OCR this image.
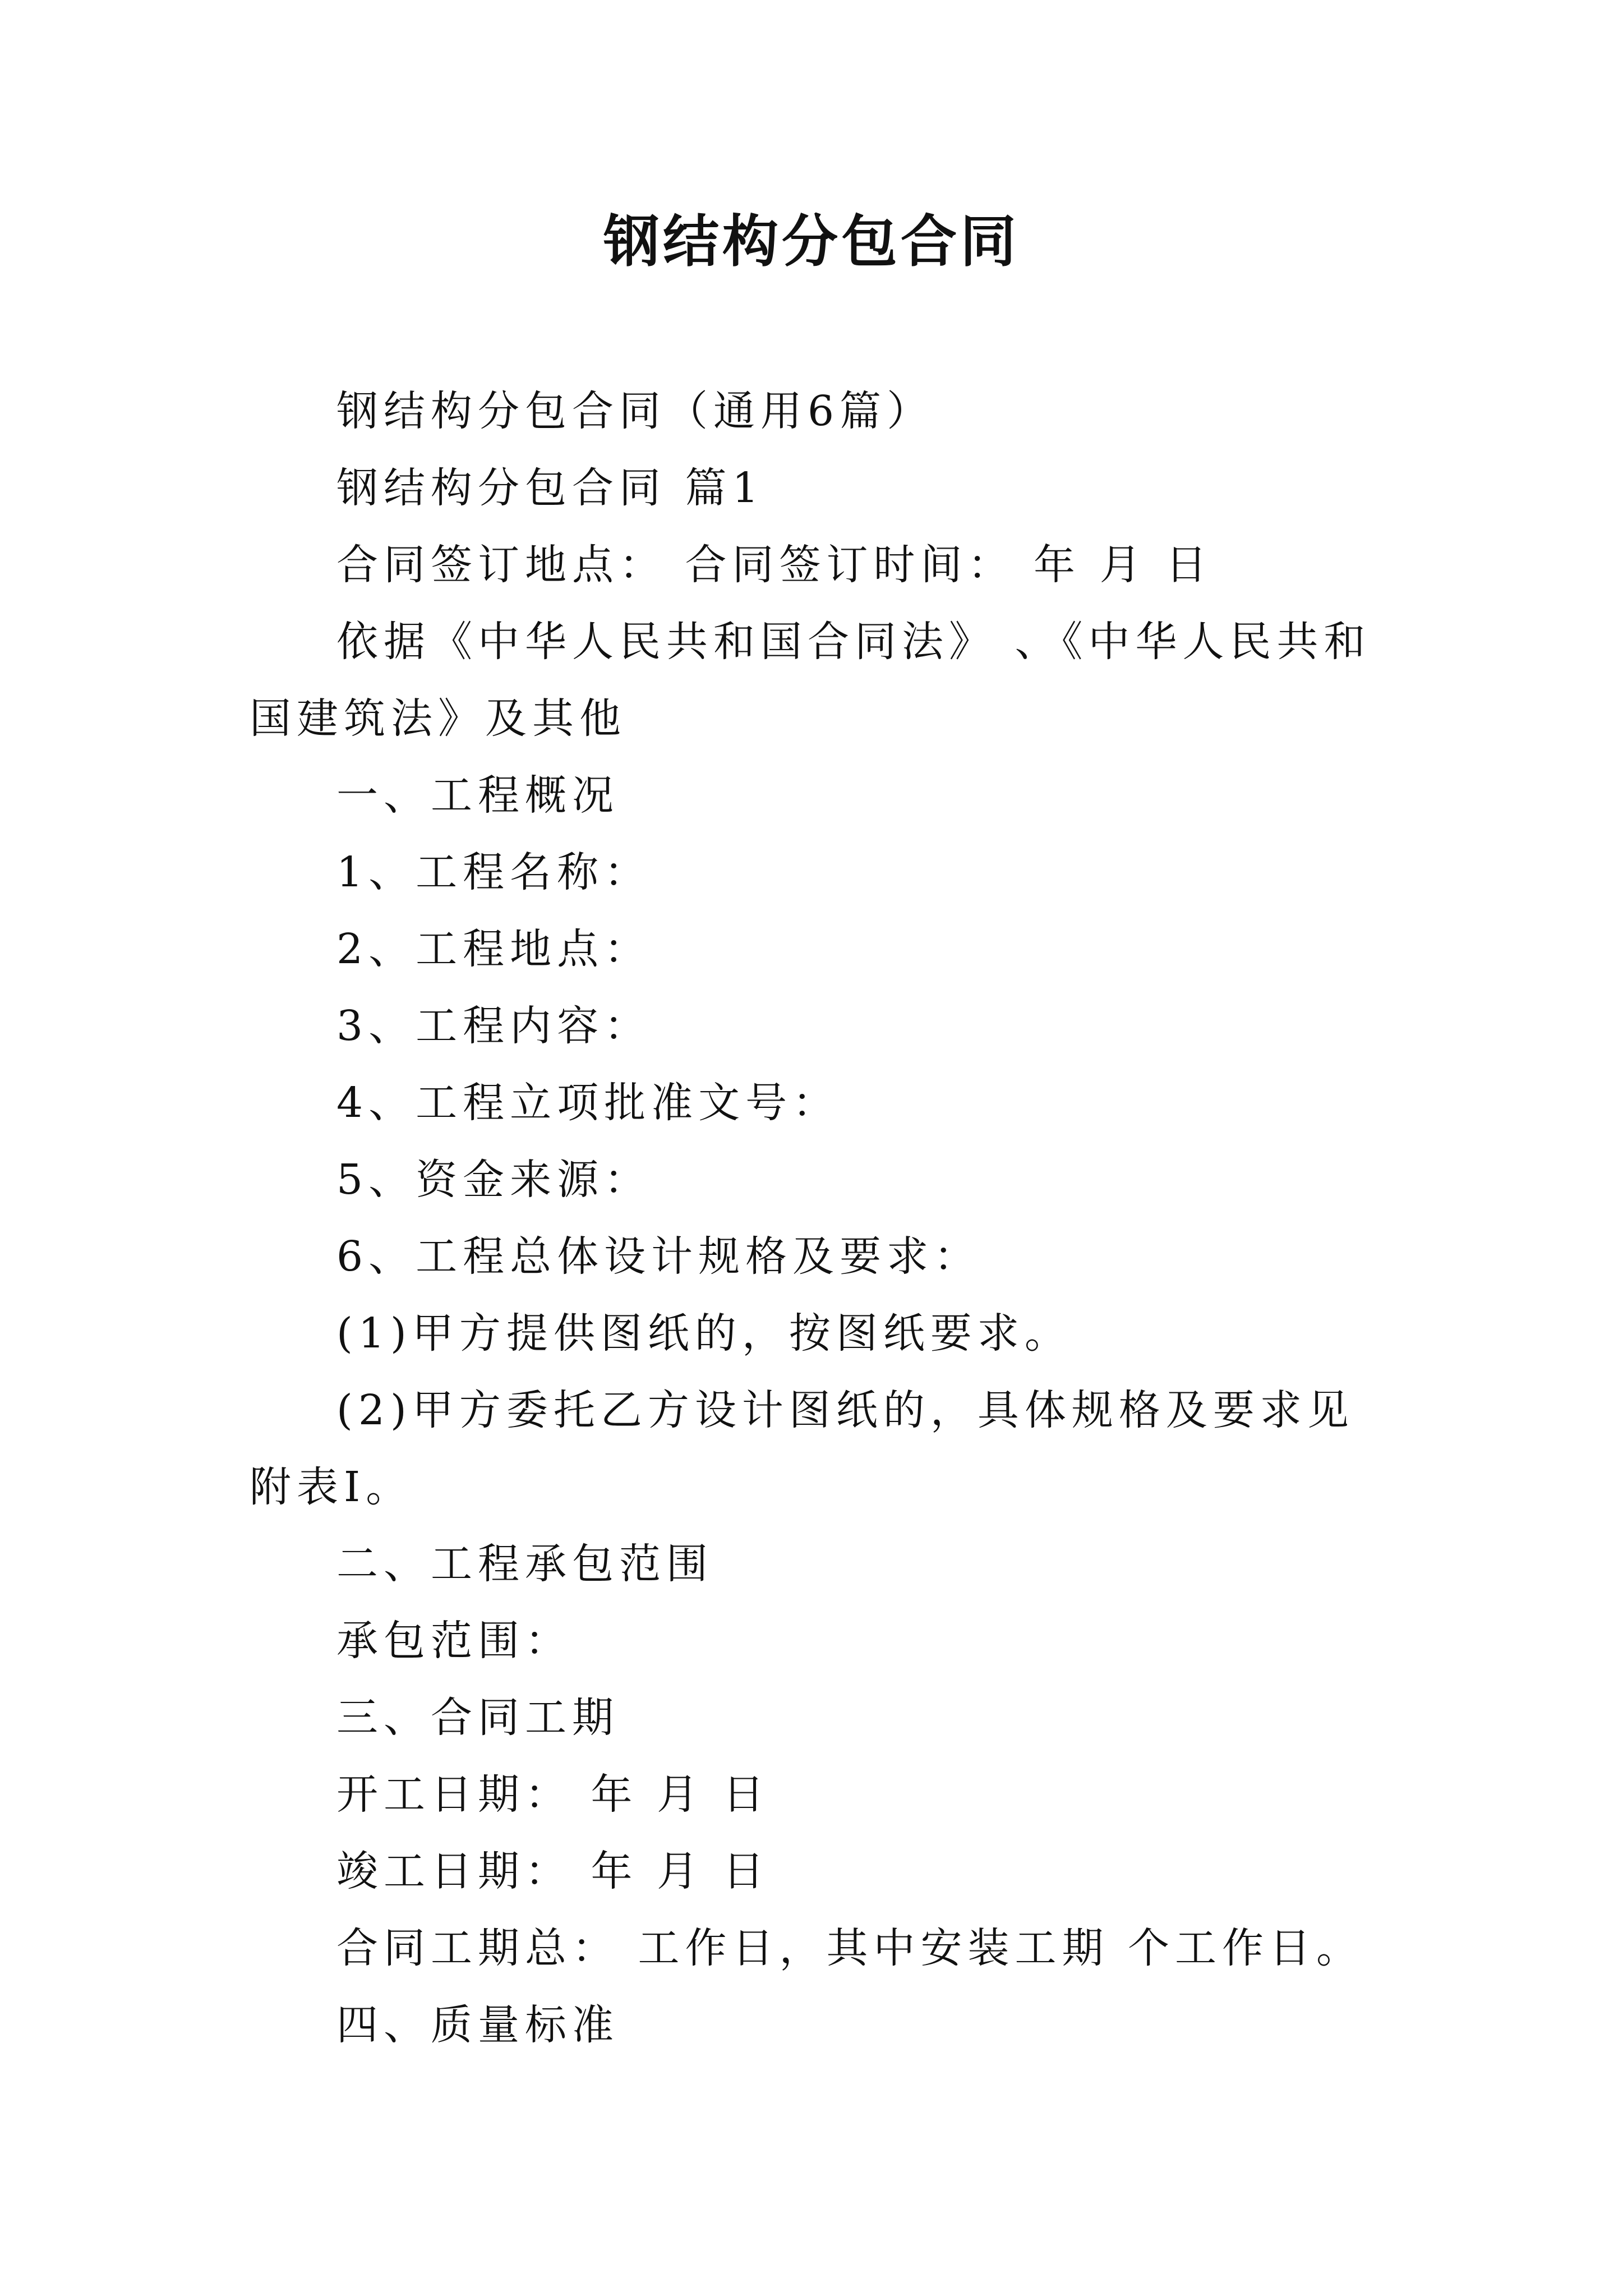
钢结构分包合同

钢结构分包合同（通用6篇）

钢结构分包合同 篇1

合同签订地点： 合同签订时间： 年 月 日

依据《中华人民共和国合同法》 、《中华人民共和国建筑法》及其他

一、工程概况

1、工程名称：

2、工程地点：

3、工程内容：

4、工程立项批准文号：

5、资金来源：

6、工程总体设计规格及要求：

(1)甲方提供图纸的，按图纸要求。

(2)甲方委托乙方设计图纸的，具体规格及要求见附表Ⅰ。

二、工程承包范围

承包范围：

三、合同工期

开工日期： 年 月 日

竣工日期： 年 月 日

合同工期总： 工作日，其中安装工期 个工作日。

四、质量标准
